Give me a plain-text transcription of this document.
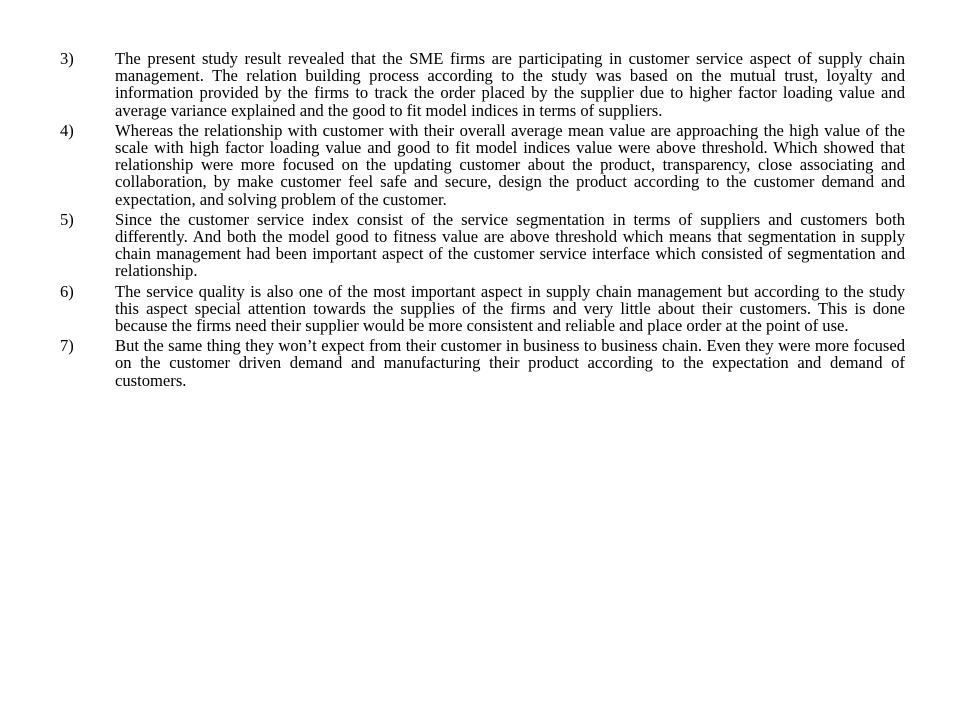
3)	The present study result revealed that the SME firms are participating in customer service aspect of supply chain management. The relation building process according to the study was based on the mutual trust, loyalty and information provided by the firms to track the order placed by the supplier due to higher factor loading value and average variance explained and the good to fit model indices in terms of suppliers.

4)	Whereas the relationship with customer with their overall average mean value are approaching the high value of the scale with high factor loading value and good to fit model indices value were above threshold. Which showed that relationship were more focused on the updating customer about the product, transparency, close associating and collaboration, by make customer feel safe and secure, design the product according to the customer demand and expectation, and solving problem of the customer.

5)	Since the customer service index consist of the service segmentation in terms of suppliers and customers both differently. And both the model good to fitness value are above threshold which means that segmentation in supply chain management had been important aspect of the customer service interface which consisted of segmentation and relationship.

6)	The service quality is also one of the most important aspect in supply chain management but according to the study this aspect special attention towards the supplies of the firms and very little about their customers. This is done because the firms need their supplier would be more consistent and reliable and place order at the point of use.

7)	But the same thing they won’t expect from their customer in business to business chain. Even they were more focused on the customer driven demand and manufacturing their product according to the expectation and demand of customers.
